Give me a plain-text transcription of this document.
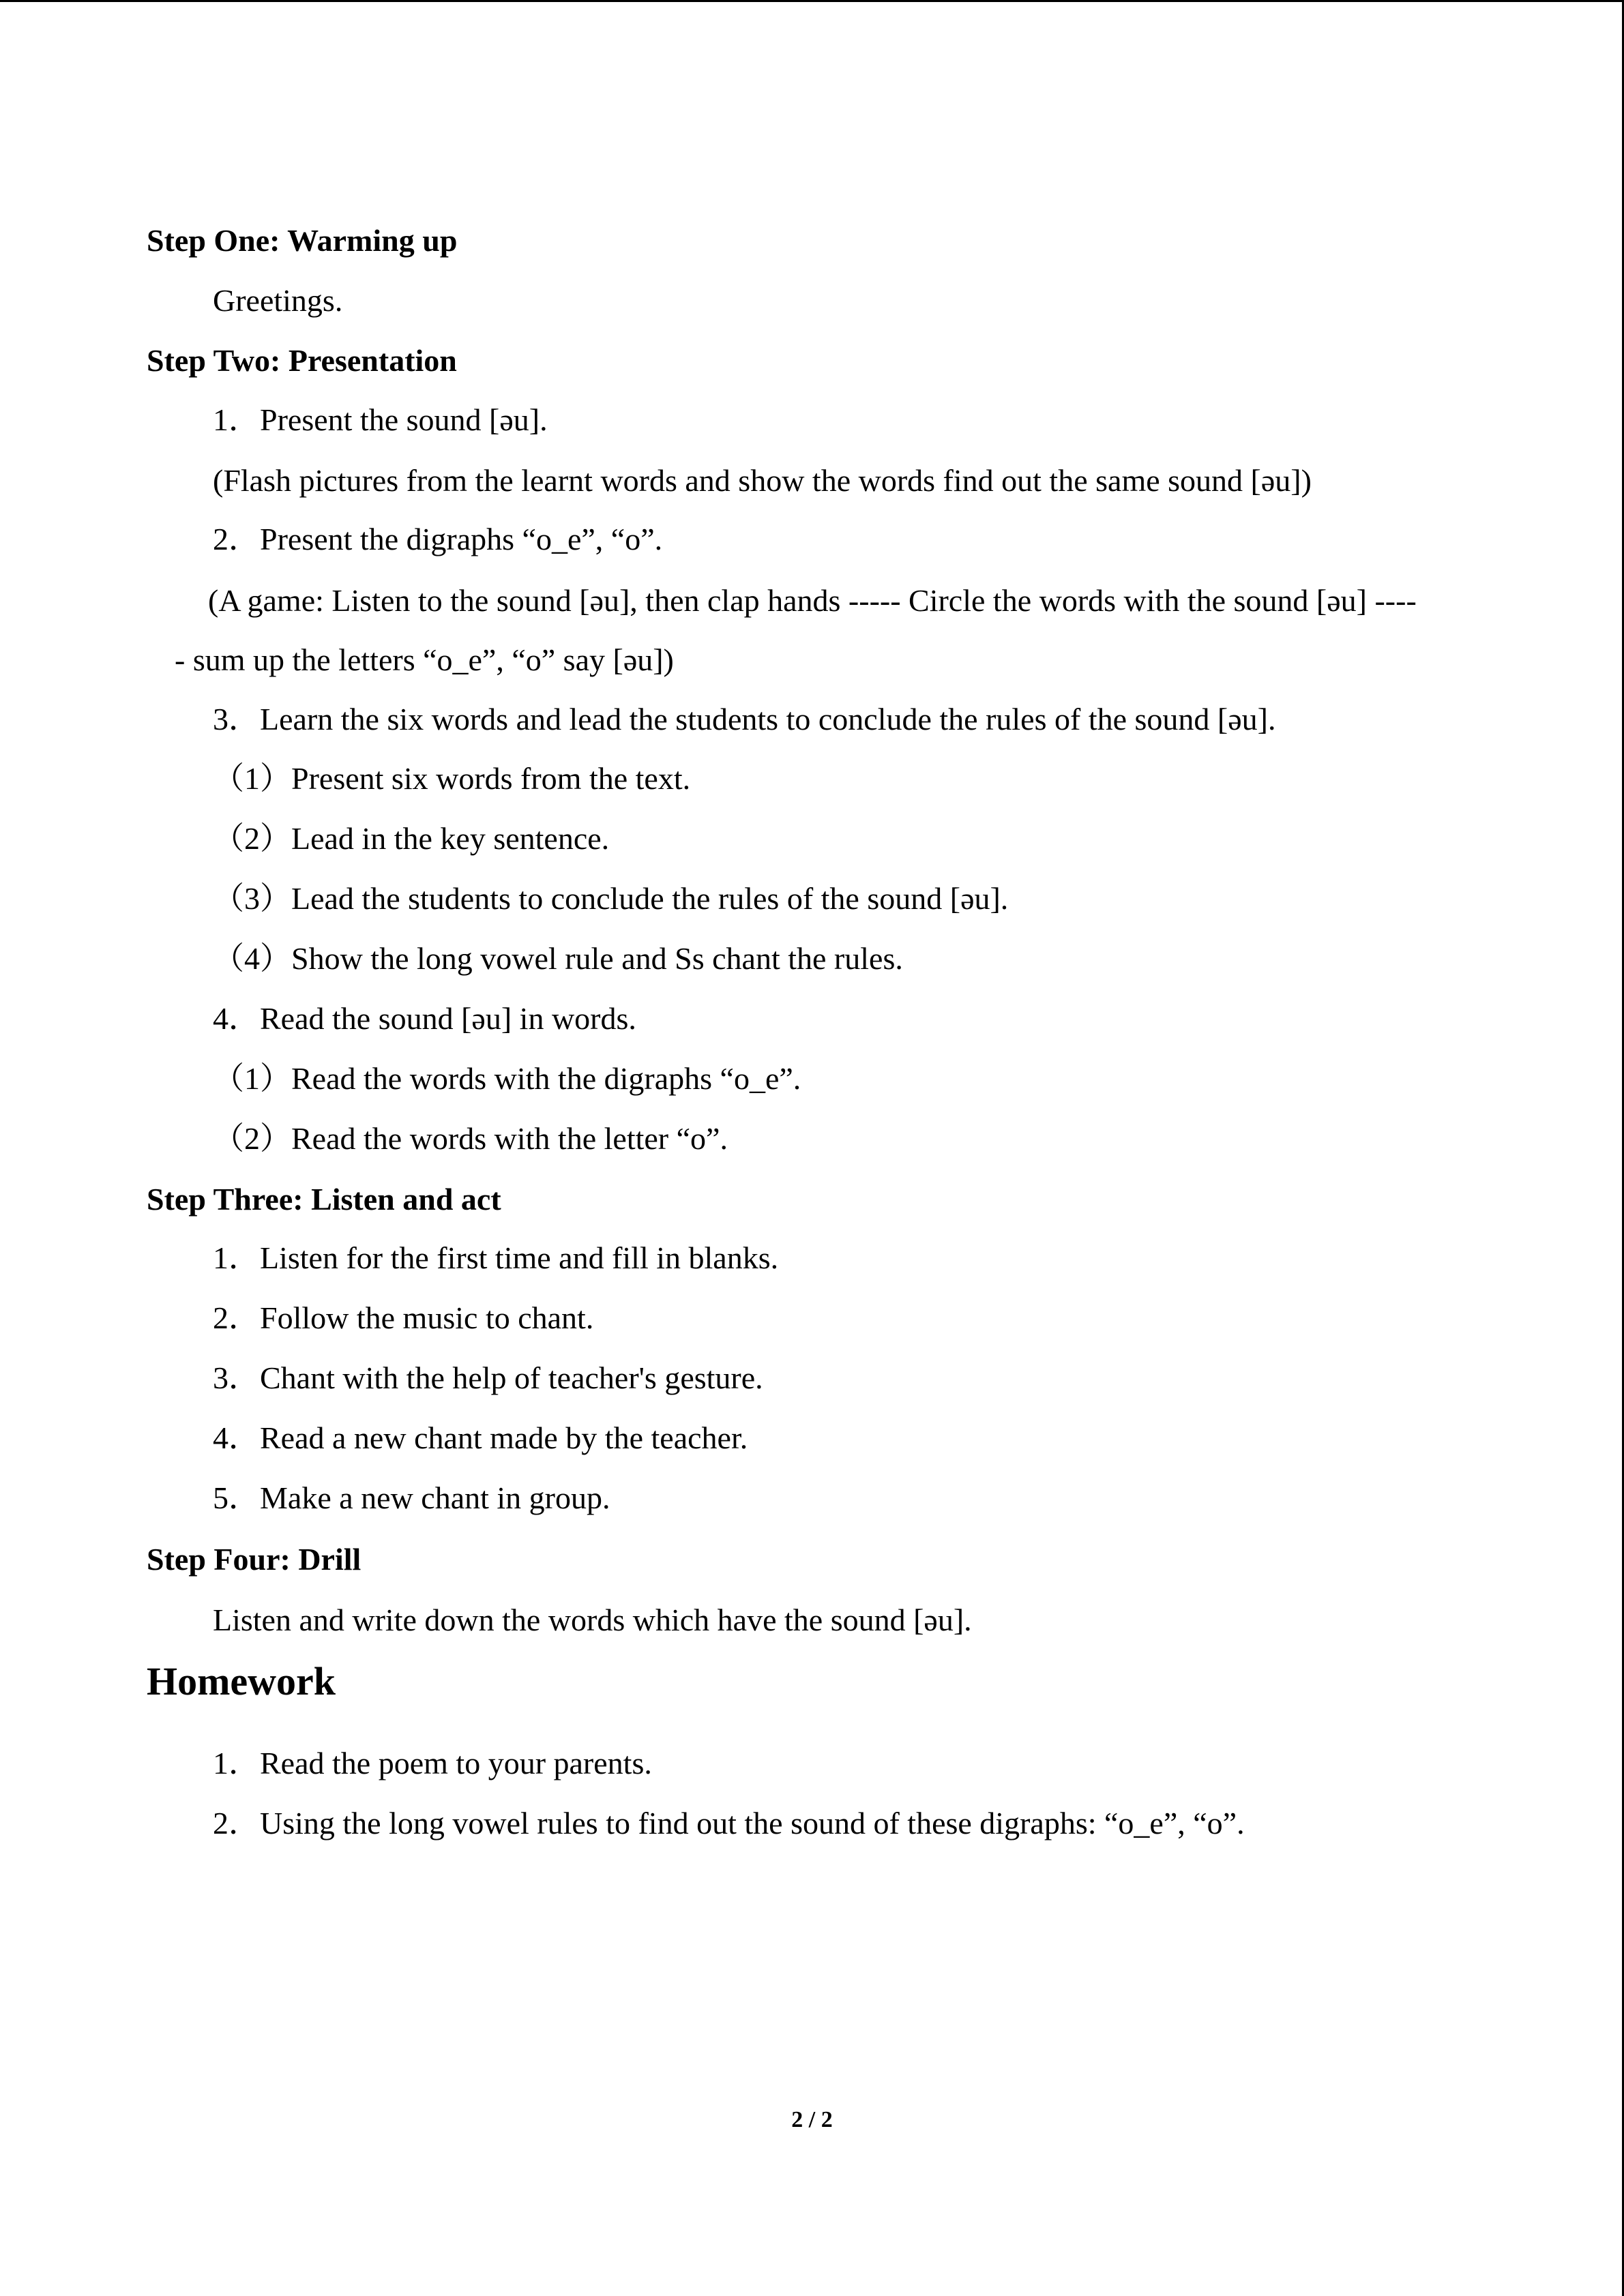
Step One: Warming up
Greetings.
Step Two: Presentation
1．Present the sound [əu].
(Flash pictures from the learnt words and show the words find out the same sound [əu])
2．Present the digraphs “o_e”, “o”.
(A game: Listen to the sound [əu], then clap hands ----- Circle the words with the sound [əu] ----
- sum up the letters “o_e”, “o” say [əu])
3．Learn the six words and lead the students to conclude the rules of the sound [əu].
（1）Present six words from the text.
（2）Lead in the key sentence.
（3）Lead the students to conclude the rules of the sound [əu].
（4）Show the long vowel rule and Ss chant the rules.
4．Read the sound [əu] in words.
（1）Read the words with the digraphs “o_e”.
（2）Read the words with the letter “o”.
Step Three: Listen and act
1．Listen for the first time and fill in blanks.
2．Follow the music to chant.
3．Chant with the help of teacher's gesture.
4．Read a new chant made by the teacher.
5．Make a new chant in group.
Step Four: Drill
Listen and write down the words which have the sound [əu].
Homework
1．Read the poem to your parents.
2．Using the long vowel rules to find out the sound of these digraphs: “o_e”, “o”.
2 / 2
